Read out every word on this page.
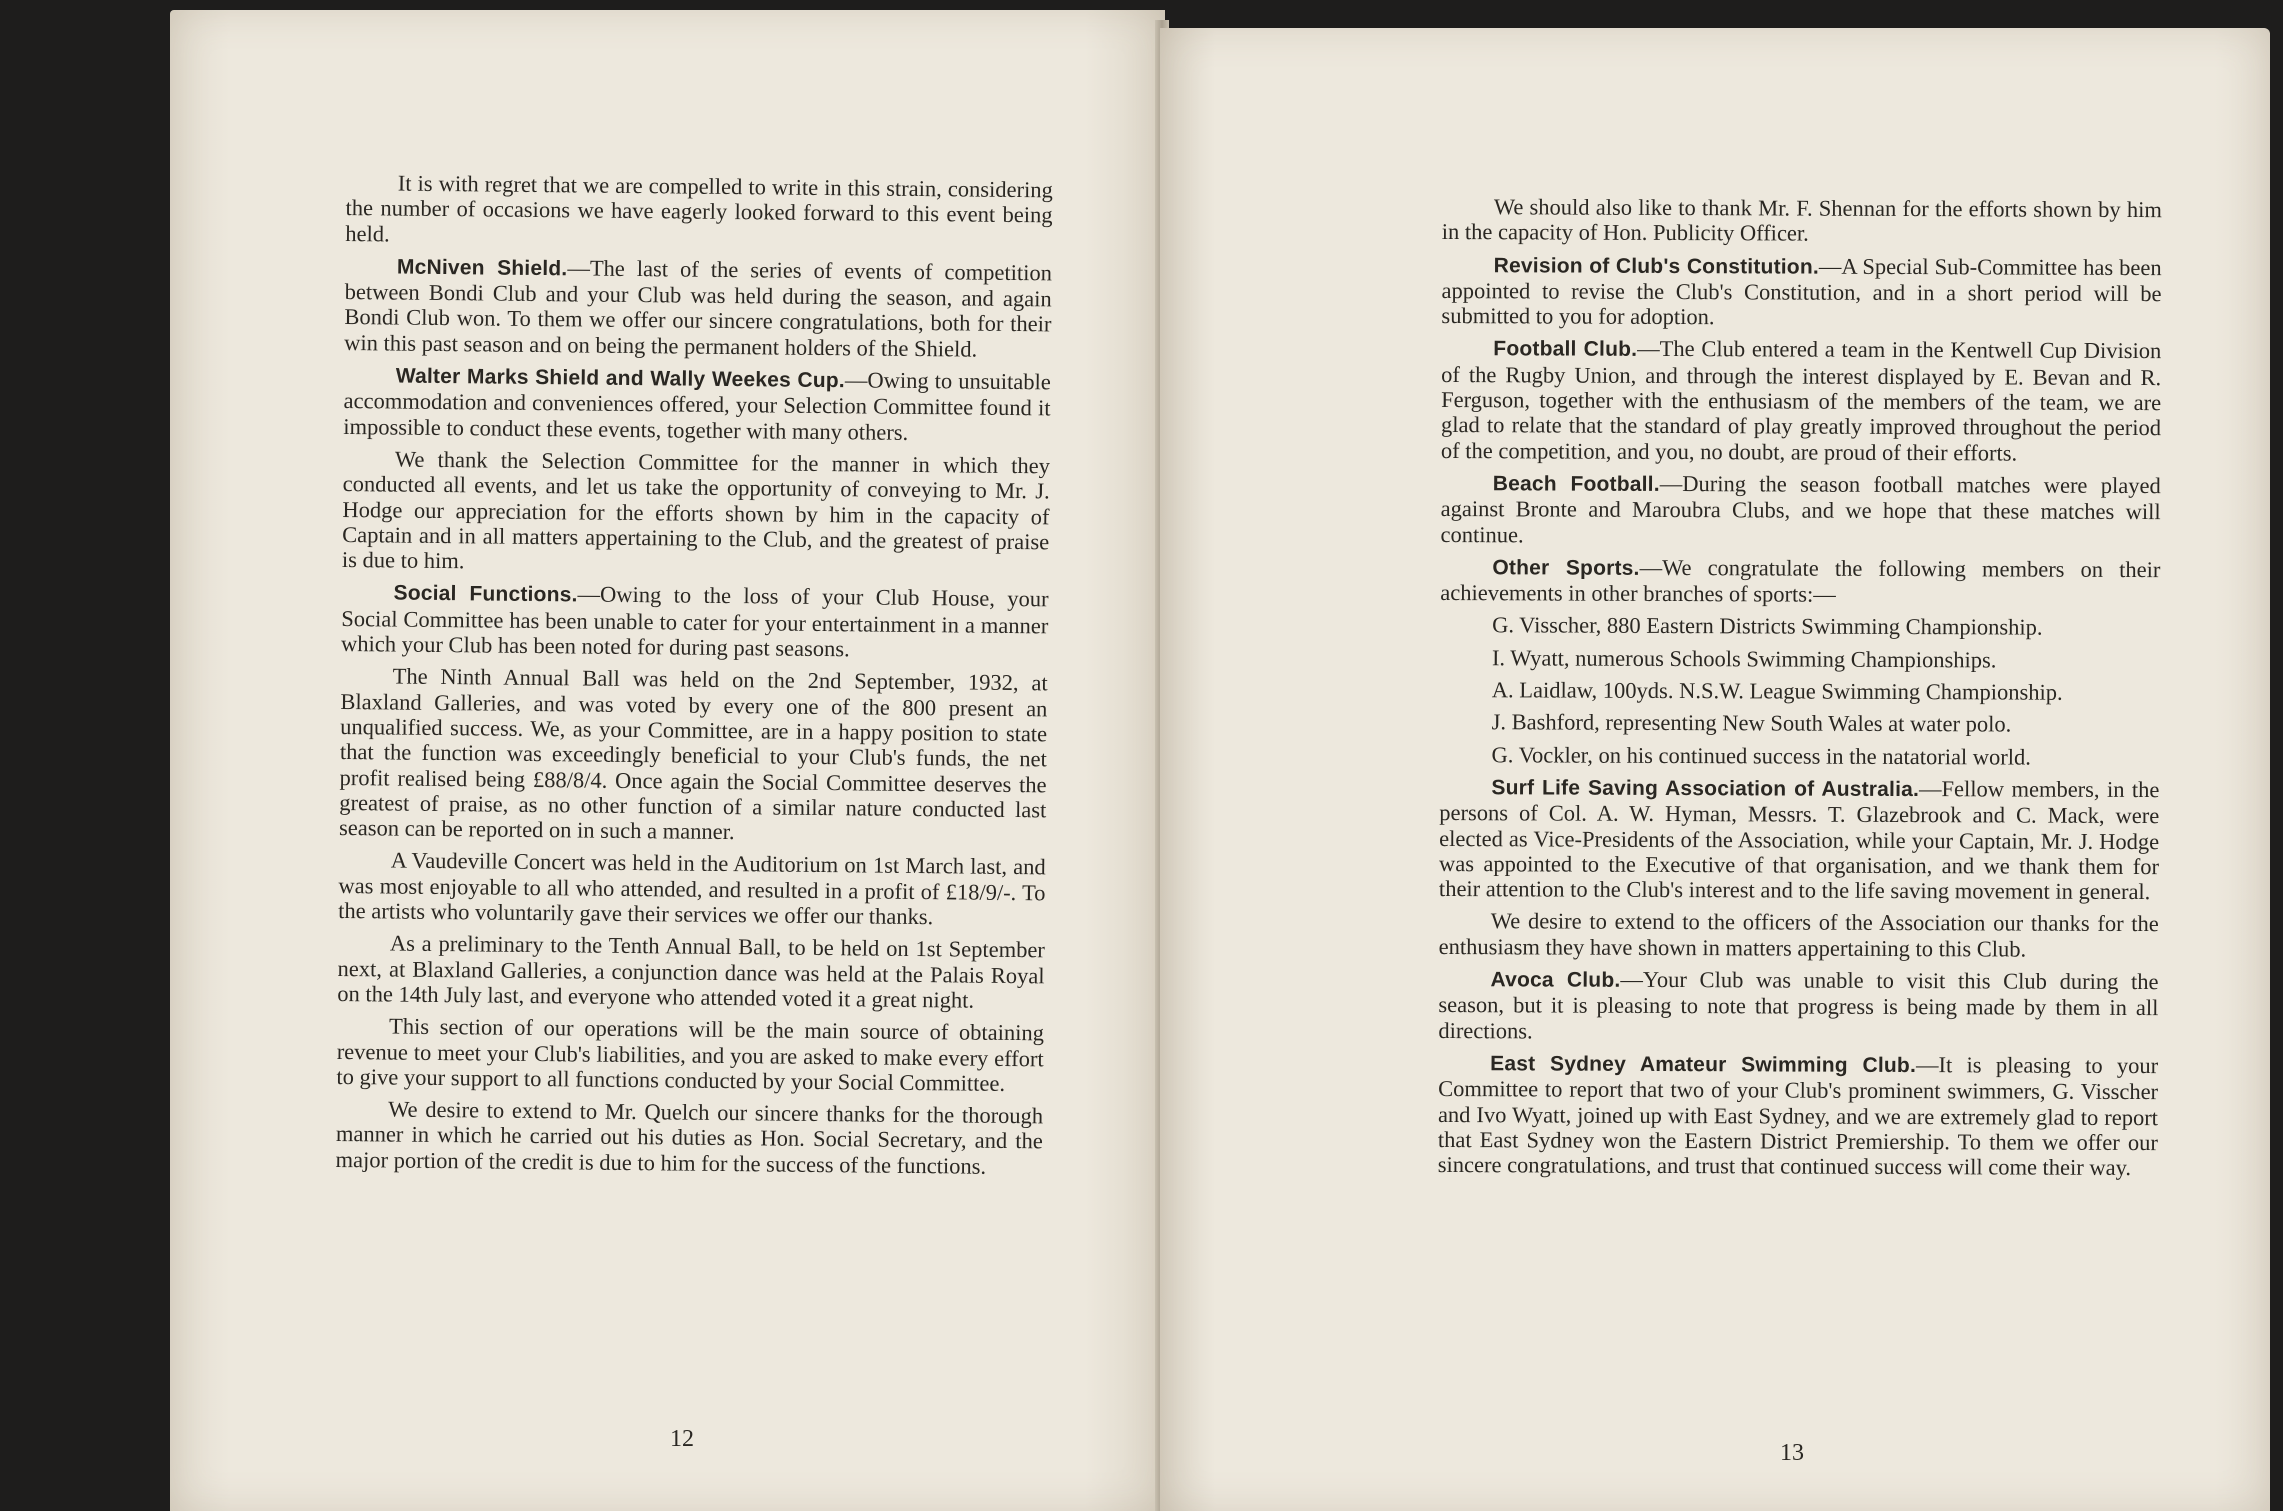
It is with regret that we are compelled to write in this strain, considering the number of occasions we have eagerly looked forward to this event being held.

McNiven Shield.—The last of the series of events of competition between Bondi Club and your Club was held during the season, and again Bondi Club won. To them we offer our sincere congratulations, both for their win this past season and on being the permanent holders of the Shield.

Walter Marks Shield and Wally Weekes Cup.—Owing to unsuitable accommodation and conveniences offered, your Selection Committee found it impossible to conduct these events, together with many others.

We thank the Selection Committee for the manner in which they conducted all events, and let us take the opportunity of conveying to Mr. J. Hodge our appreciation for the efforts shown by him in the capacity of Captain and in all matters appertaining to the Club, and the greatest of praise is due to him.

Social Functions.—Owing to the loss of your Club House, your Social Committee has been unable to cater for your entertainment in a manner which your Club has been noted for during past seasons.

The Ninth Annual Ball was held on the 2nd September, 1932, at Blaxland Galleries, and was voted by every one of the 800 present an unqualified success. We, as your Committee, are in a happy position to state that the function was exceedingly beneficial to your Club's funds, the net profit realised being £88/8/4. Once again the Social Committee deserves the greatest of praise, as no other function of a similar nature conducted last season can be reported on in such a manner.

A Vaudeville Concert was held in the Auditorium on 1st March last, and was most enjoyable to all who attended, and resulted in a profit of £18/9/-. To the artists who voluntarily gave their services we offer our thanks.

As a preliminary to the Tenth Annual Ball, to be held on 1st September next, at Blaxland Galleries, a conjunction dance was held at the Palais Royal on the 14th July last, and everyone who attended voted it a great night.

This section of our operations will be the main source of obtaining revenue to meet your Club's liabilities, and you are asked to make every effort to give your support to all functions conducted by your Social Committee.

We desire to extend to Mr. Quelch our sincere thanks for the thorough manner in which he carried out his duties as Hon. Social Secretary, and the major portion of the credit is due to him for the success of the functions.

12

We should also like to thank Mr. F. Shennan for the efforts shown by him in the capacity of Hon. Publicity Officer.

Revision of Club's Constitution.—A Special Sub-Committee has been appointed to revise the Club's Constitution, and in a short period will be submitted to you for adoption.

Football Club.—The Club entered a team in the Kentwell Cup Division of the Rugby Union, and through the interest displayed by E. Bevan and R. Ferguson, together with the enthusiasm of the members of the team, we are glad to relate that the standard of play greatly improved throughout the period of the competition, and you, no doubt, are proud of their efforts.

Beach Football.—During the season football matches were played against Bronte and Maroubra Clubs, and we hope that these matches will continue.

Other Sports.—We congratulate the following members on their achievements in other branches of sports:—

G. Visscher, 880 Eastern Districts Swimming Championship.

I. Wyatt, numerous Schools Swimming Championships.

A. Laidlaw, 100yds. N.S.W. League Swimming Championship.

J. Bashford, representing New South Wales at water polo.

G. Vockler, on his continued success in the natatorial world.

Surf Life Saving Association of Australia.—Fellow members, in the persons of Col. A. W. Hyman, Messrs. T. Glazebrook and C. Mack, were elected as Vice-Presidents of the Association, while your Captain, Mr. J. Hodge was appointed to the Executive of that organisation, and we thank them for their attention to the Club's interest and to the life saving movement in general.

We desire to extend to the officers of the Association our thanks for the enthusiasm they have shown in matters appertaining to this Club.

Avoca Club.—Your Club was unable to visit this Club during the season, but it is pleasing to note that progress is being made by them in all directions.

East Sydney Amateur Swimming Club.—It is pleasing to your Committee to report that two of your Club's prominent swimmers, G. Visscher and Ivo Wyatt, joined up with East Sydney, and we are extremely glad to report that East Sydney won the Eastern District Premiership. To them we offer our sincere congratulations, and trust that continued success will come their way.

13
